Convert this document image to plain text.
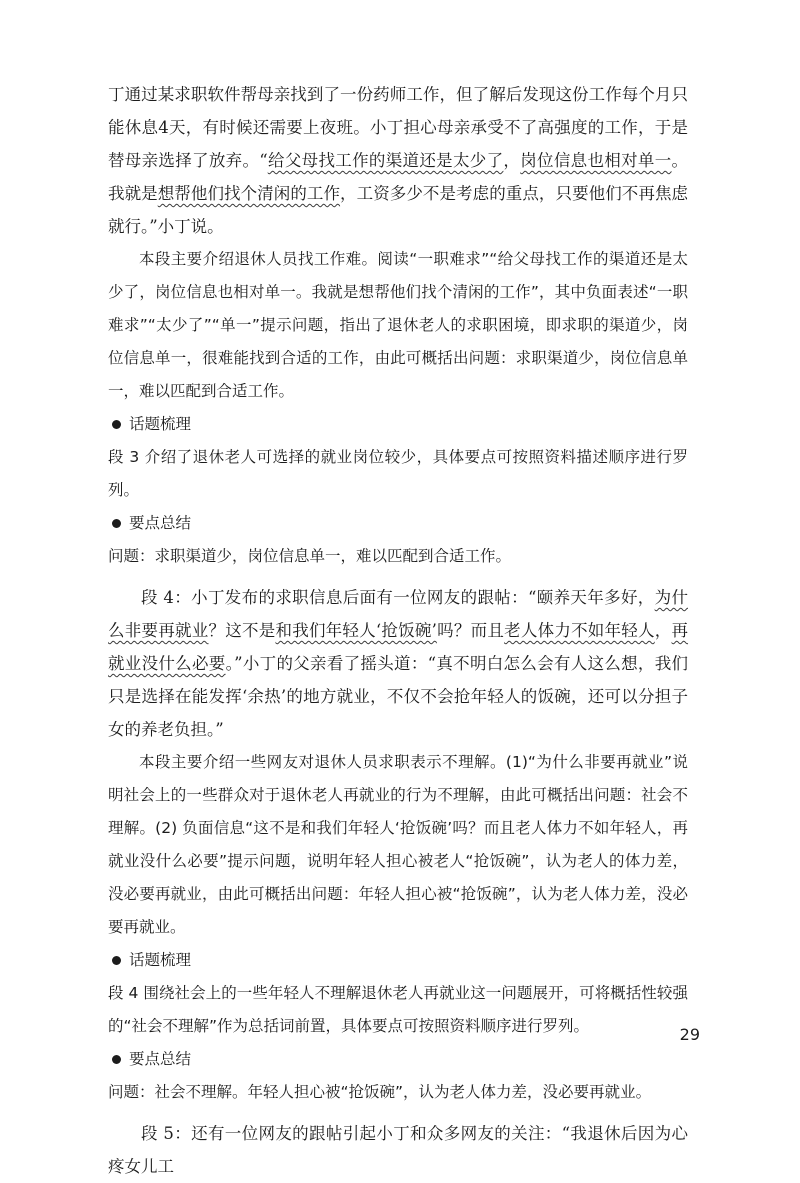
丁通过某求职软件帮母亲找到了一份药师工作，但了解后发现这份工作每个月只能休息4天，有时候还需要上夜班。小丁担心母亲承受不了高强度的工作，于是替母亲选择了放弃。“给父母找工作的渠道还是太少了，岗位信息也相对单一。我就是想帮他们找个清闲的工作，工资多少不是考虑的重点，只要他们不再焦虑就行。”小丁说。

本段主要介绍退休人员找工作难。阅读“一职难求”“给父母找工作的渠道还是太少了，岗位信息也相对单一。我就是想帮他们找个清闲的工作”，其中负面表述“一职难求”“太少了”“单一”提示问题，指出了退休老人的求职困境，即求职的渠道少，岗位信息单一，很难能找到合适的工作，由此可概括出问题：求职渠道少，岗位信息单一，难以匹配到合适工作。

话题梳理

段 3 介绍了退休老人可选择的就业岗位较少，具体要点可按照资料描述顺序进行罗列。

要点总结

问题：求职渠道少，岗位信息单一，难以匹配到合适工作。

段 4：小丁发布的求职信息后面有一位网友的跟帖：“颐养天年多好，为什么非要再就业？这不是和我们年轻人‘抢饭碗’吗？而且老人体力不如年轻人，再就业没什么必要。”小丁的父亲看了摇头道：“真不明白怎么会有人这么想，我们只是选择在能发挥‘余热’的地方就业，不仅不会抢年轻人的饭碗，还可以分担子女的养老负担。”

本段主要介绍一些网友对退休人员求职表示不理解。(1)“为什么非要再就业”说明社会上的一些群众对于退休老人再就业的行为不理解，由此可概括出问题：社会不理解。(2) 负面信息“这不是和我们年轻人‘抢饭碗’吗？而且老人体力不如年轻人，再就业没什么必要”提示问题，说明年轻人担心被老人“抢饭碗”，认为老人的体力差，没必要再就业，由此可概括出问题：年轻人担心被“抢饭碗”，认为老人体力差，没必要再就业。

话题梳理

段 4 围绕社会上的一些年轻人不理解退休老人再就业这一问题展开，可将概括性较强的“社会不理解”作为总括词前置，具体要点可按照资料顺序进行罗列。

要点总结

问题：社会不理解。年轻人担心被“抢饭碗”，认为老人体力差，没必要再就业。

段 5：还有一位网友的跟帖引起小丁和众多网友的关注：“我退休后因为心疼女儿工

29
